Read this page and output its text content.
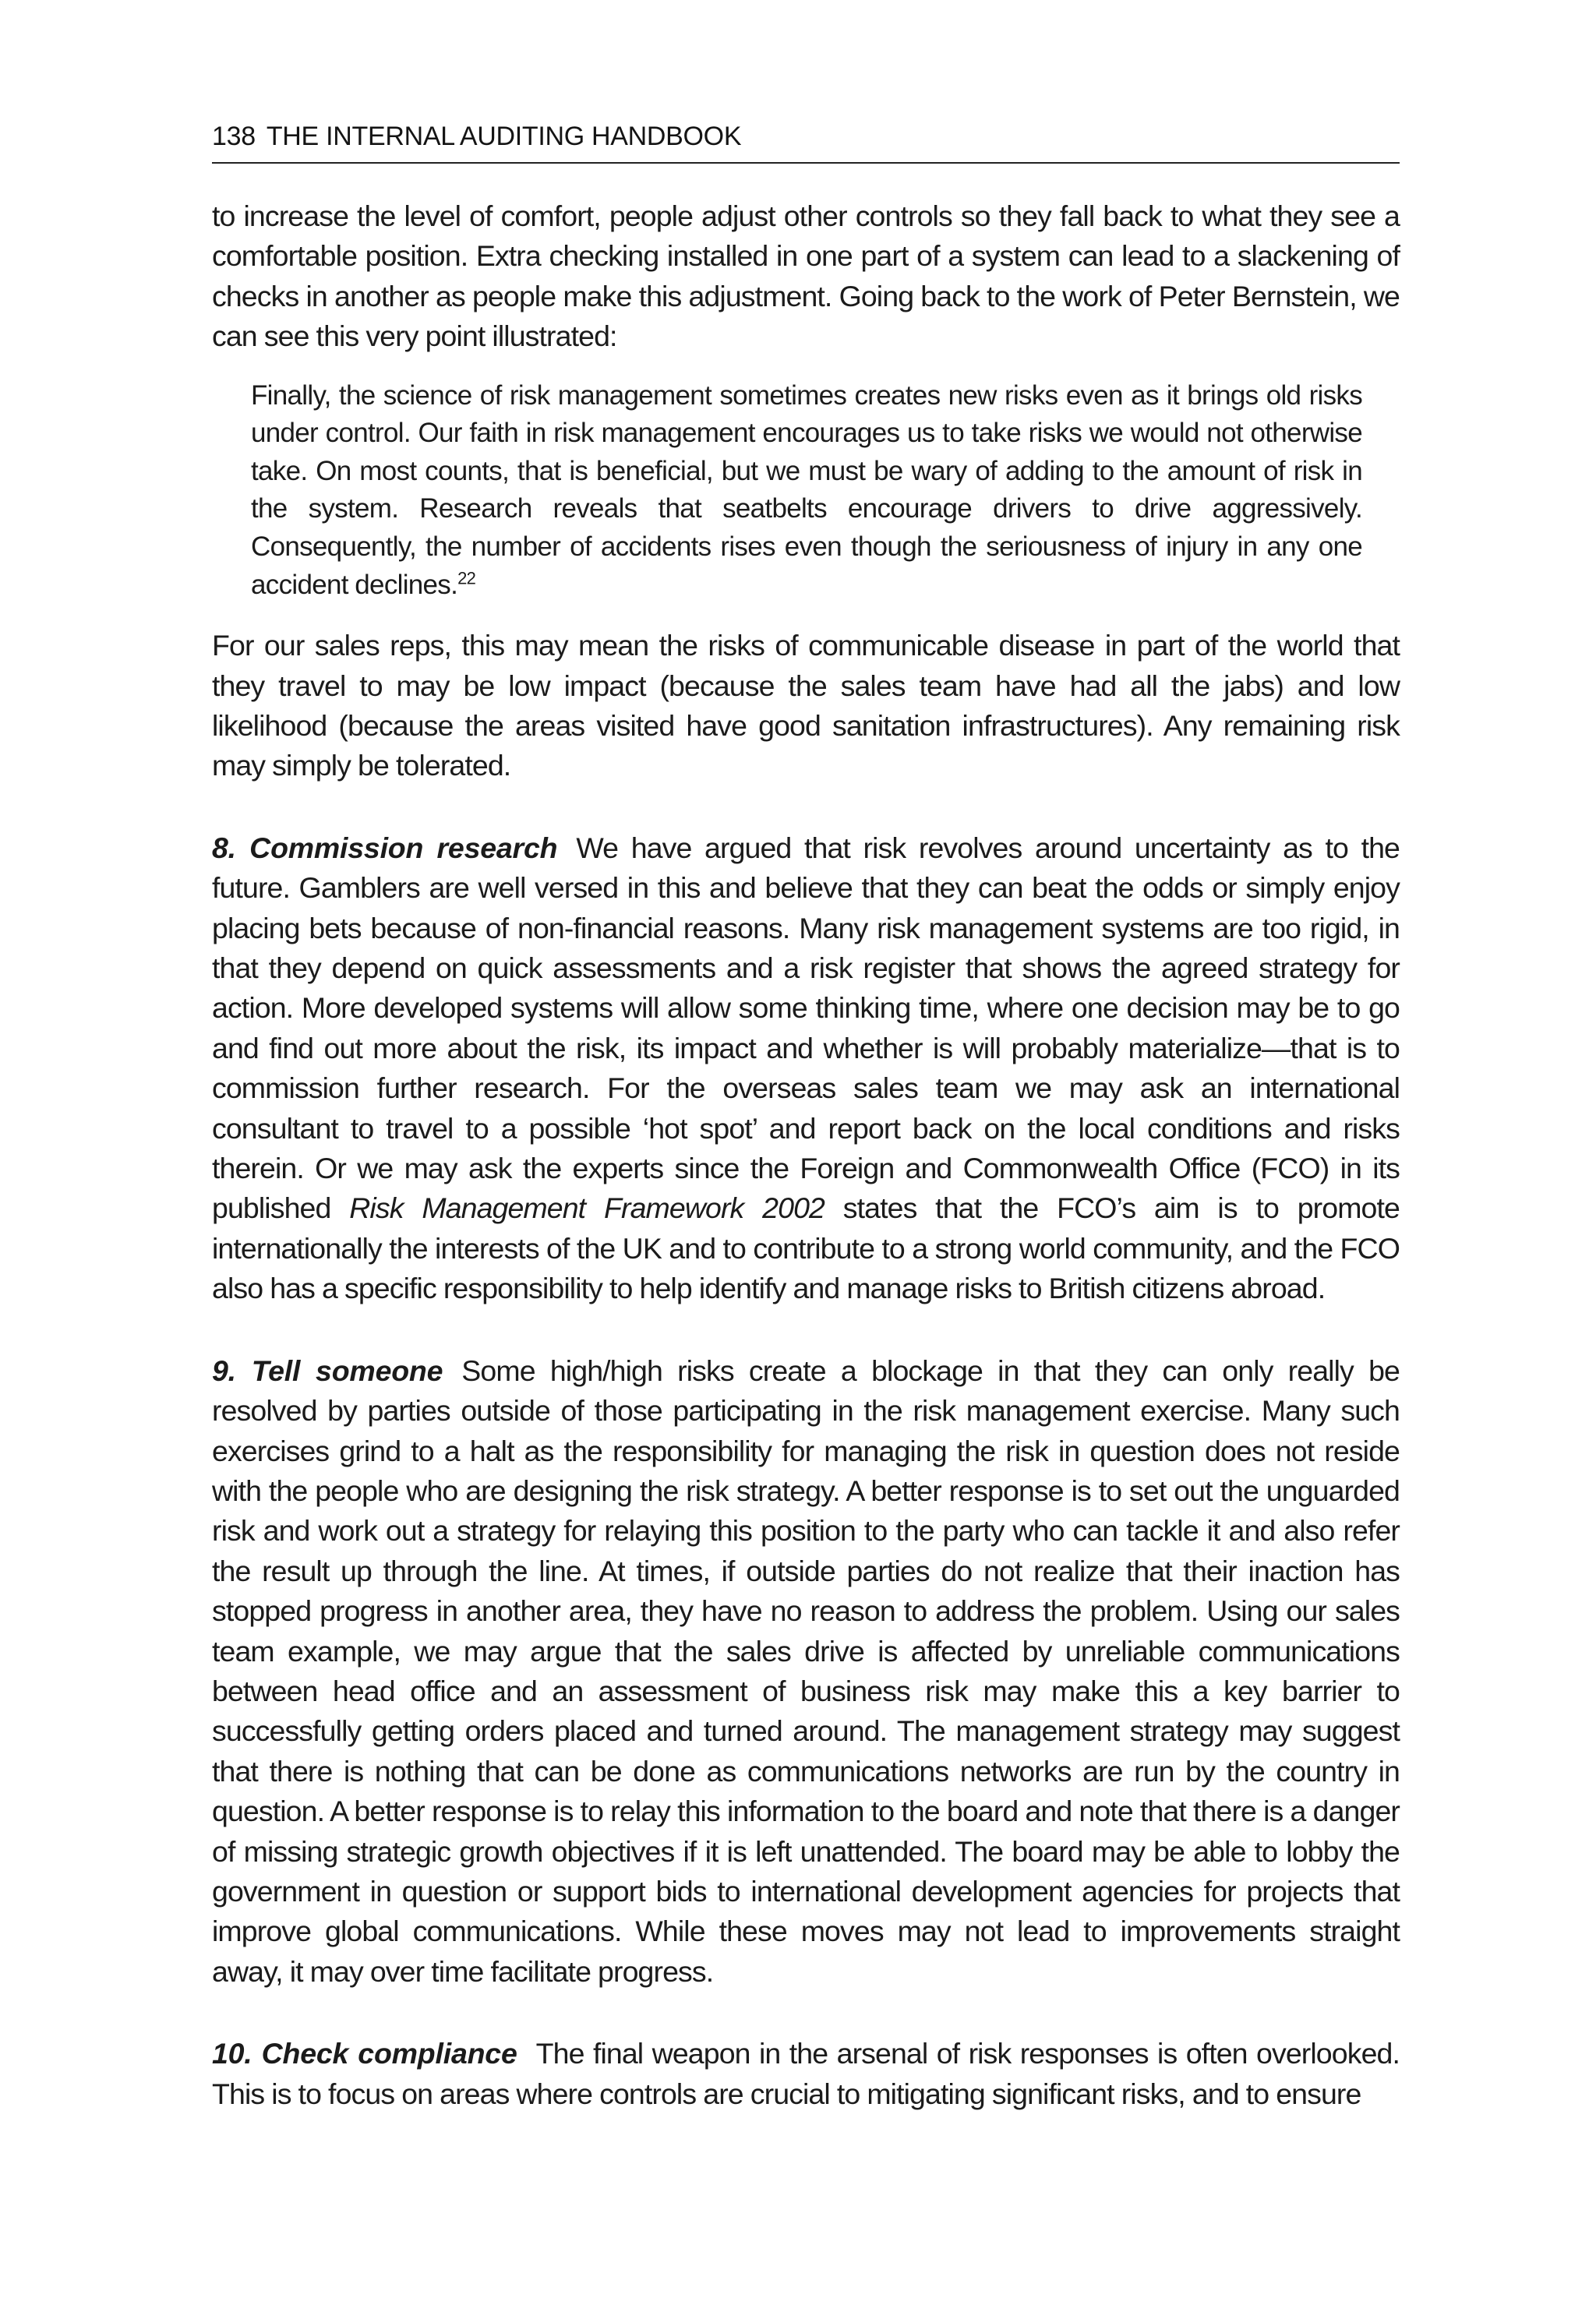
138 THE INTERNAL AUDITING HANDBOOK

to increase the level of comfort, people adjust other controls so they fall back to what they see a comfortable position. Extra checking installed in one part of a system can lead to a slackening of checks in another as people make this adjustment. Going back to the work of Peter Bernstein, we can see this very point illustrated:

Finally, the science of risk management sometimes creates new risks even as it brings old risks under control. Our faith in risk management encourages us to take risks we would not otherwise take. On most counts, that is beneficial, but we must be wary of adding to the amount of risk in the system. Research reveals that seatbelts encourage drivers to drive aggressively. Consequently, the number of accidents rises even though the seriousness of injury in any one accident declines.$^{22}$

For our sales reps, this may mean the risks of communicable disease in part of the world that they travel to may be low impact (because the sales team have had all the jabs) and low likelihood (because the areas visited have good sanitation infrastructures). Any remaining risk may simply be tolerated.

8. Commission research We have argued that risk revolves around uncertainty as to the future. Gamblers are well versed in this and believe that they can beat the odds or simply enjoy placing bets because of non-financial reasons. Many risk management systems are too rigid, in that they depend on quick assessments and a risk register that shows the agreed strategy for action. More developed systems will allow some thinking time, where one decision may be to go and find out more about the risk, its impact and whether is will probably materialize—that is to commission further research. For the overseas sales team we may ask an international consultant to travel to a possible ‘hot spot’ and report back on the local conditions and risks therein. Or we may ask the experts since the Foreign and Commonwealth Office (FCO) in its published Risk Management Framework 2002 states that the FCO’s aim is to promote internationally the interests of the UK and to contribute to a strong world community, and the FCO also has a specific responsibility to help identify and manage risks to British citizens abroad.

9. Tell someone Some high/high risks create a blockage in that they can only really be resolved by parties outside of those participating in the risk management exercise. Many such exercises grind to a halt as the responsibility for managing the risk in question does not reside with the people who are designing the risk strategy. A better response is to set out the unguarded risk and work out a strategy for relaying this position to the party who can tackle it and also refer the result up through the line. At times, if outside parties do not realize that their inaction has stopped progress in another area, they have no reason to address the problem. Using our sales team example, we may argue that the sales drive is affected by unreliable communications between head office and an assessment of business risk may make this a key barrier to successfully getting orders placed and turned around. The management strategy may suggest that there is nothing that can be done as communications networks are run by the country in question. A better response is to relay this information to the board and note that there is a danger of missing strategic growth objectives if it is left unattended. The board may be able to lobby the government in question or support bids to international development agencies for projects that improve global communications. While these moves may not lead to improvements straight away, it may over time facilitate progress.

10. Check compliance The final weapon in the arsenal of risk responses is often overlooked. This is to focus on areas where controls are crucial to mitigating significant risks, and to ensure
